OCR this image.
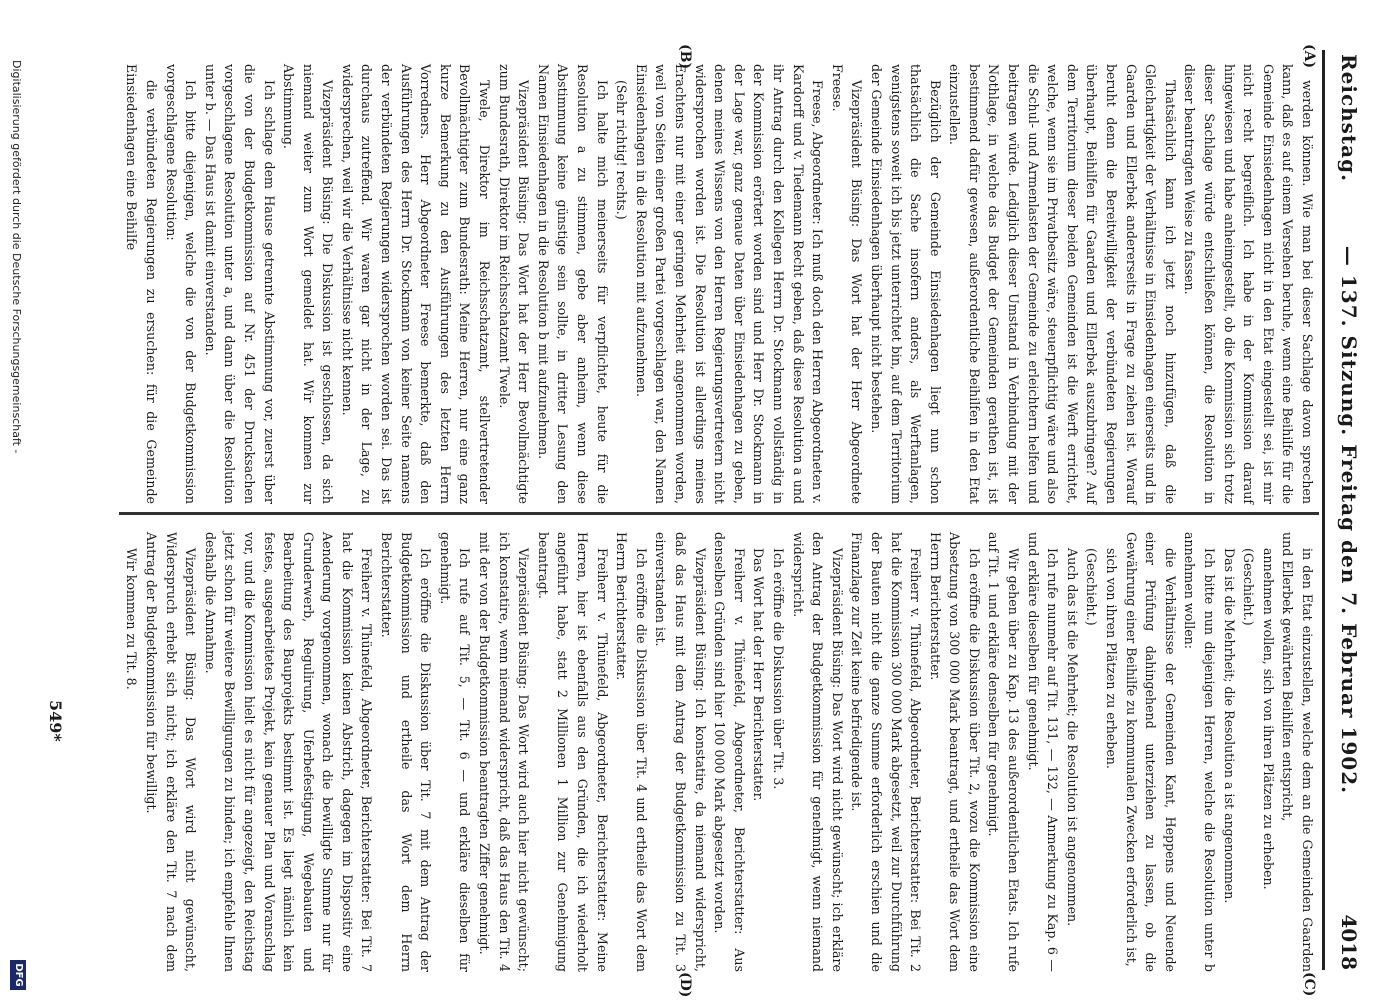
Reichstag.
— 137. Sitzung. Freitag den 7. Februar 1902.
4018
(A)
(B)
(C)
(D)

werden können. Wie man bei dieser Sachlage davon sprechen kann, daß es auf einem Versehen beruhe, wenn eine Beihilfe für die Gemeinde Einsiedenhagen nicht in den Etat eingestellt sei, ist mir nicht recht begreiflich. Ich habe in der Kommission darauf hingewiesen und habe anheimgestellt, ob die Kommission sich trotz dieser Sachlage würde entschließen können, die Resolution in dieser beantragten Weise zu fassen.

Thatsächlich kann ich jetzt noch hinzufügen, daß die Gleichartigkeit der Verhältnisse in Einsiedenhagen einerseits und in Gaarden und Ellerbek andererseits in Frage zu ziehen ist. Worauf beruht denn die Bereitwilligkeit der verbündeten Regierungen überhaupt, Beihilfen für Gaarden und Ellerbek auszubringen? Auf dem Territorium dieser beiden Gemeinden ist die Werft errichtet, welche, wenn sie im Privatbesitz wäre, steuerpflichtig wäre und also die Schul- und Armenlasten der Gemeinde zu erleichtern helfen und beitragen würde. Lediglich dieser Umstand in Verbindung mit der Nothlage, in welche das Budget der Gemeinden gerathen ist, ist bestimmend dafür gewesen, außerordentliche Beihilfen in den Etat einzustellen.

Bezüglich der Gemeinde Einsiedenhagen liegt nun schon thatsächlich die Sache insofern anders, als Werftanlagen, wenigstens soweit ich bis jetzt unterrichtet bin, auf dem Territorium der Gemeinde Einsiedenhagen überhaupt nicht bestehen.

Vizepräsident Büsing: Das Wort hat der Herr Abgeordnete Freese.

Freese, Abgeordneter: Ich muß doch den Herren Abgeordneten v. Kardorff und v. Tiedemann Recht geben, daß diese Resolution a und ihr Antrag durch den Kollegen Herrn Dr. Stockmann vollständig in der Kommission erörtert worden sind und Herr Dr. Stockmann in der Lage war, ganz genaue Daten über Einsiedenhagen zu geben, denen meines Wissens von den Herren Regierungsvertretern nicht widersprochen worden ist. Die Resolution ist allerdings meines Erachtens nur mit einer geringen Mehrheit angenommen worden, weil von Seiten einer großen Partei vorgeschlagen war, den Namen Einsiedenhagen in die Resolution mit aufzunehmen.

(Sehr richtig! rechts.)

Ich halte mich meinerseits für verpflichtet, heute für die Resolution a zu stimmen, gebe aber anheim, wenn diese Abstimmung keine günstige sein sollte, in dritter Lesung den Namen Einsiedenhagen in die Resolution b mit aufzunehmen.

Vizepräsident Büsing: Das Wort hat der Herr Bevollmächtigte zum Bundesrath, Direktor im Reichsschatzamt Twele.

Twele, Direktor im Reichsschatzamt, stellvertretender Bevollmächtigter zum Bundesrath: Meine Herren, nur eine ganz kurze Bemerkung zu den Ausführungen des letzten Herrn Vorredners. Herr Abgeordneter Freese bemerkte, daß den Ausführungen des Herrn Dr. Stockmann von keiner Seite namens der verbündeten Regierungen widersprochen worden sei. Das ist durchaus zutreffend. Wir waren gar nicht in der Lage, zu widersprechen, weil wir die Verhältnisse nicht kennen.

Vizepräsident Büsing: Die Diskussion ist geschlossen, da sich niemand weiter zum Wort gemeldet hat. Wir kommen zur Abstimmung.

Ich schlage dem Hause getrennte Abstimmung vor, zuerst über die von der Budgetkommission auf Nr. 451 der Drucksachen vorgeschlagene Resolution unter a, und dann über die Resolution unter b. — Das Haus ist damit einverstanden.

Ich bitte diejenigen, welche die von der Budgetkommission vorgeschlagene Resolution:

die verbündeten Regierungen zu ersuchen: für die Gemeinde Einsiedenhagen eine Beihilfe

in den Etat einzustellen, welche dem an die Gemeinden Gaarden und Ellerbek gewährten Beihilfen entspricht,

annehmen wollen, sich von ihren Plätzen zu erheben.

(Geschieht.)

Das ist die Mehrheit; die Resolution a ist angenommen.

Ich bitte nun diejenigen Herren, welche die Resolution unter b annehmen wollen:

die Verhältnisse der Gemeinden Kant, Heppens und Neuende einer Prüfung dahingehend unterziehen zu lassen, ob die Gewährung einer Beihilfe zu kommunalen Zwecken erforderlich ist,

sich von ihren Plätzen zu erheben.

(Geschieht.)

Auch das ist die Mehrheit; die Resolution ist angenommen.

Ich rufe nunmehr auf Tit. 131, — 132, — Anmerkung zu Kap. 6 — und erkläre dieselben für genehmigt.

Wir gehen über zu Kap. 13 des außerordentlichen Etats. Ich rufe auf Tit. 1 und erkläre denselben für genehmigt.

Ich eröffne die Diskussion über Tit. 2, wozu die Kommission eine Absetzung von 300 000 Mark beantragt, und ertheile das Wort dem Herrn Berichterstatter.

Freiherr v. Thünefeld, Abgeordneter, Berichterstatter: Bei Tit. 2 hat die Kommission 300 000 Mark abgesetzt, weil zur Durchführung der Bauten nicht die ganze Summe erforderlich erschien und die Finanzlage zur Zeit keine befriedigende ist.

Vizepräsident Büsing: Das Wort wird nicht gewünscht; ich erkläre den Antrag der Budgetkommission für genehmigt, wenn niemand widerspricht.

Ich eröffne die Diskussion über Tit. 3.

Das Wort hat der Herr Berichterstatter.

Freiherr v. Thünefeld, Abgeordneter, Berichterstatter: Aus denselben Gründen sind hier 100 000 Mark abgesetzt worden.

Vizepräsident Büsing: Ich konstatire, da niemand widerspricht, daß das Haus mit dem Antrag der Budgetkommission zu Tit. 3 einverstanden ist.

Ich eröffne die Diskussion über Tit. 4 und ertheile das Wort dem Herrn Berichterstatter.

Freiherr v. Thünefeld, Abgeordneter, Berichterstatter: Meine Herren, hier ist ebenfalls aus den Gründen, die ich wiederholt angeführt habe, statt 2 Millionen 1 Million zur Genehmigung beantragt.

Vizepräsident Büsing: Das Wort wird auch hier nicht gewünscht; ich konstatire, wenn niemand widerspricht, daß das Haus den Tit. 4 mit der von der Budgetkommission beantragten Ziffer genehmigt.

Ich rufe auf Tit. 5, — Tit. 6 — und erkläre dieselben für genehmigt.

Ich eröffne die Diskussion über Tit. 7 mit dem Antrag der Budgetkommission und ertheile das Wort dem Herrn Berichterstatter.

Freiherr v. Thünefeld, Abgeordneter, Berichterstatter: Bei Tit. 7 hat die Kommission keinen Abstrich, dagegen im Dispositiv eine Aenderung vorgenommen, wonach die bewilligte Summe nur für Grunderwerb, Regulirung, Uferbefestigung, Wegebauten und Bearbeitung des Bauprojekts bestimmt ist. Es liegt nämlich kein festes, ausgearbeitetes Projekt, kein genauer Plan und Voranschlag vor, und die Kommission hielt es nicht für angezeigt, den Reichstag jetzt schon für weitere Bewilligungen zu binden; ich empfehle Ihnen deshalb die Annahme.

Vizepräsident Büsing: Das Wort wird nicht gewünscht, Widerspruch erhebt sich nicht; ich erkläre den Tit. 7 nach dem Antrag der Budgetkommission für bewilligt.

Wir kommen zu Tit. 8.

549*
Digitalisierung gefördert durch die Deutsche Forschungsgemeinschaft -
DFG
